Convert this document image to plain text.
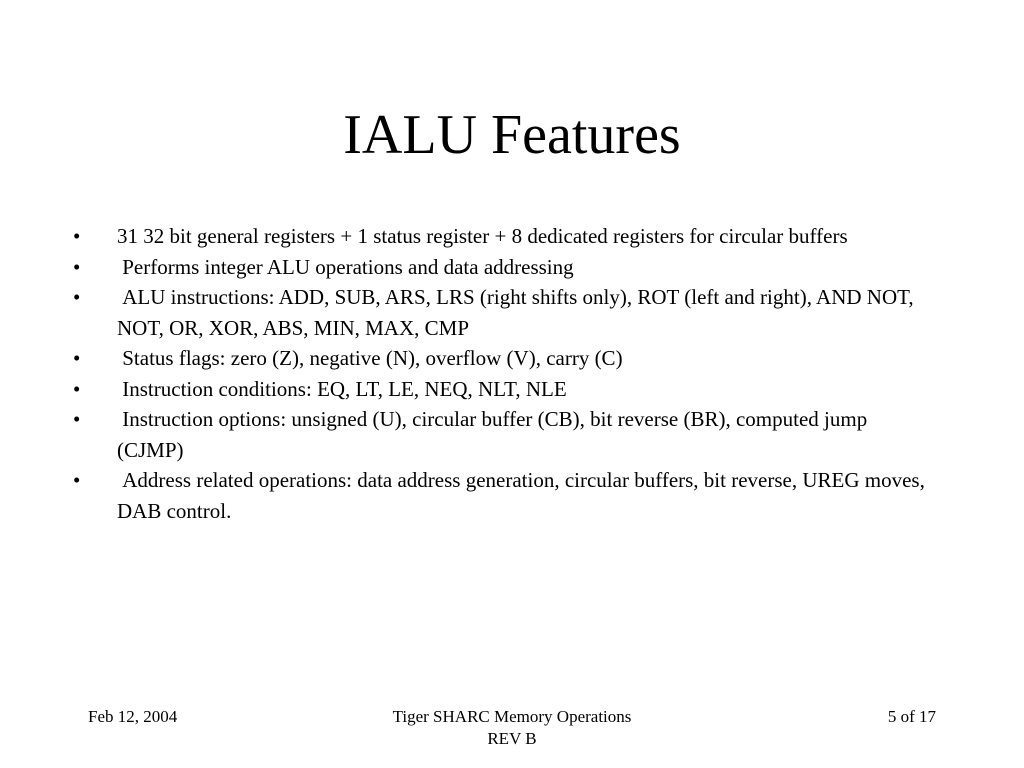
IALU Features
•	31 32 bit general registers + 1 status register + 8 dedicated registers for circular buffers
•	Performs integer ALU operations and data addressing
•	ALU instructions: ADD, SUB, ARS, LRS (right shifts only), ROT (left and right), AND NOT, NOT, OR, XOR, ABS, MIN, MAX, CMP
•	Status flags: zero (Z), negative (N), overflow (V), carry (C)
•	Instruction conditions: EQ, LT, LE, NEQ, NLT, NLE
•	Instruction options: unsigned (U), circular buffer (CB), bit reverse (BR), computed jump (CJMP)
•	Address related operations: data address generation, circular buffers, bit reverse, UREG moves, DAB control.
Feb 12, 2004	Tiger SHARC Memory Operations
REV B
5 of 17
